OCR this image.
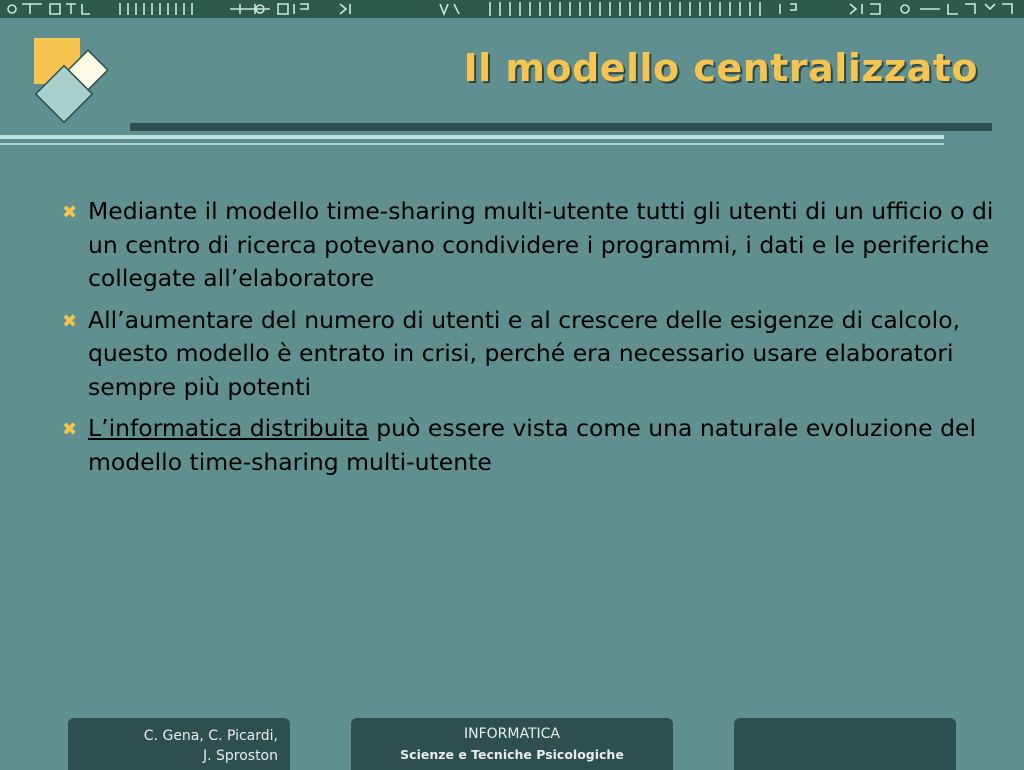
Il modello centralizzato
✖ Mediante il modello time-sharing multi-utente tutti gli utenti di un ufficio o di un centro di ricerca potevano condividere i programmi, i dati e le periferiche collegate all’elaboratore
✖ All’aumentare del numero di utenti e al crescere delle esigenze di calcolo, questo modello è entrato in crisi, perché era necessario usare elaboratori sempre più potenti
✖ L’informatica distribuita può essere vista come una naturale evoluzione del modello time-sharing multi-utente
C. Gena, C. Picardi,
J. Sproston
INFORMATICA
Scienze e Tecniche Psicologiche
